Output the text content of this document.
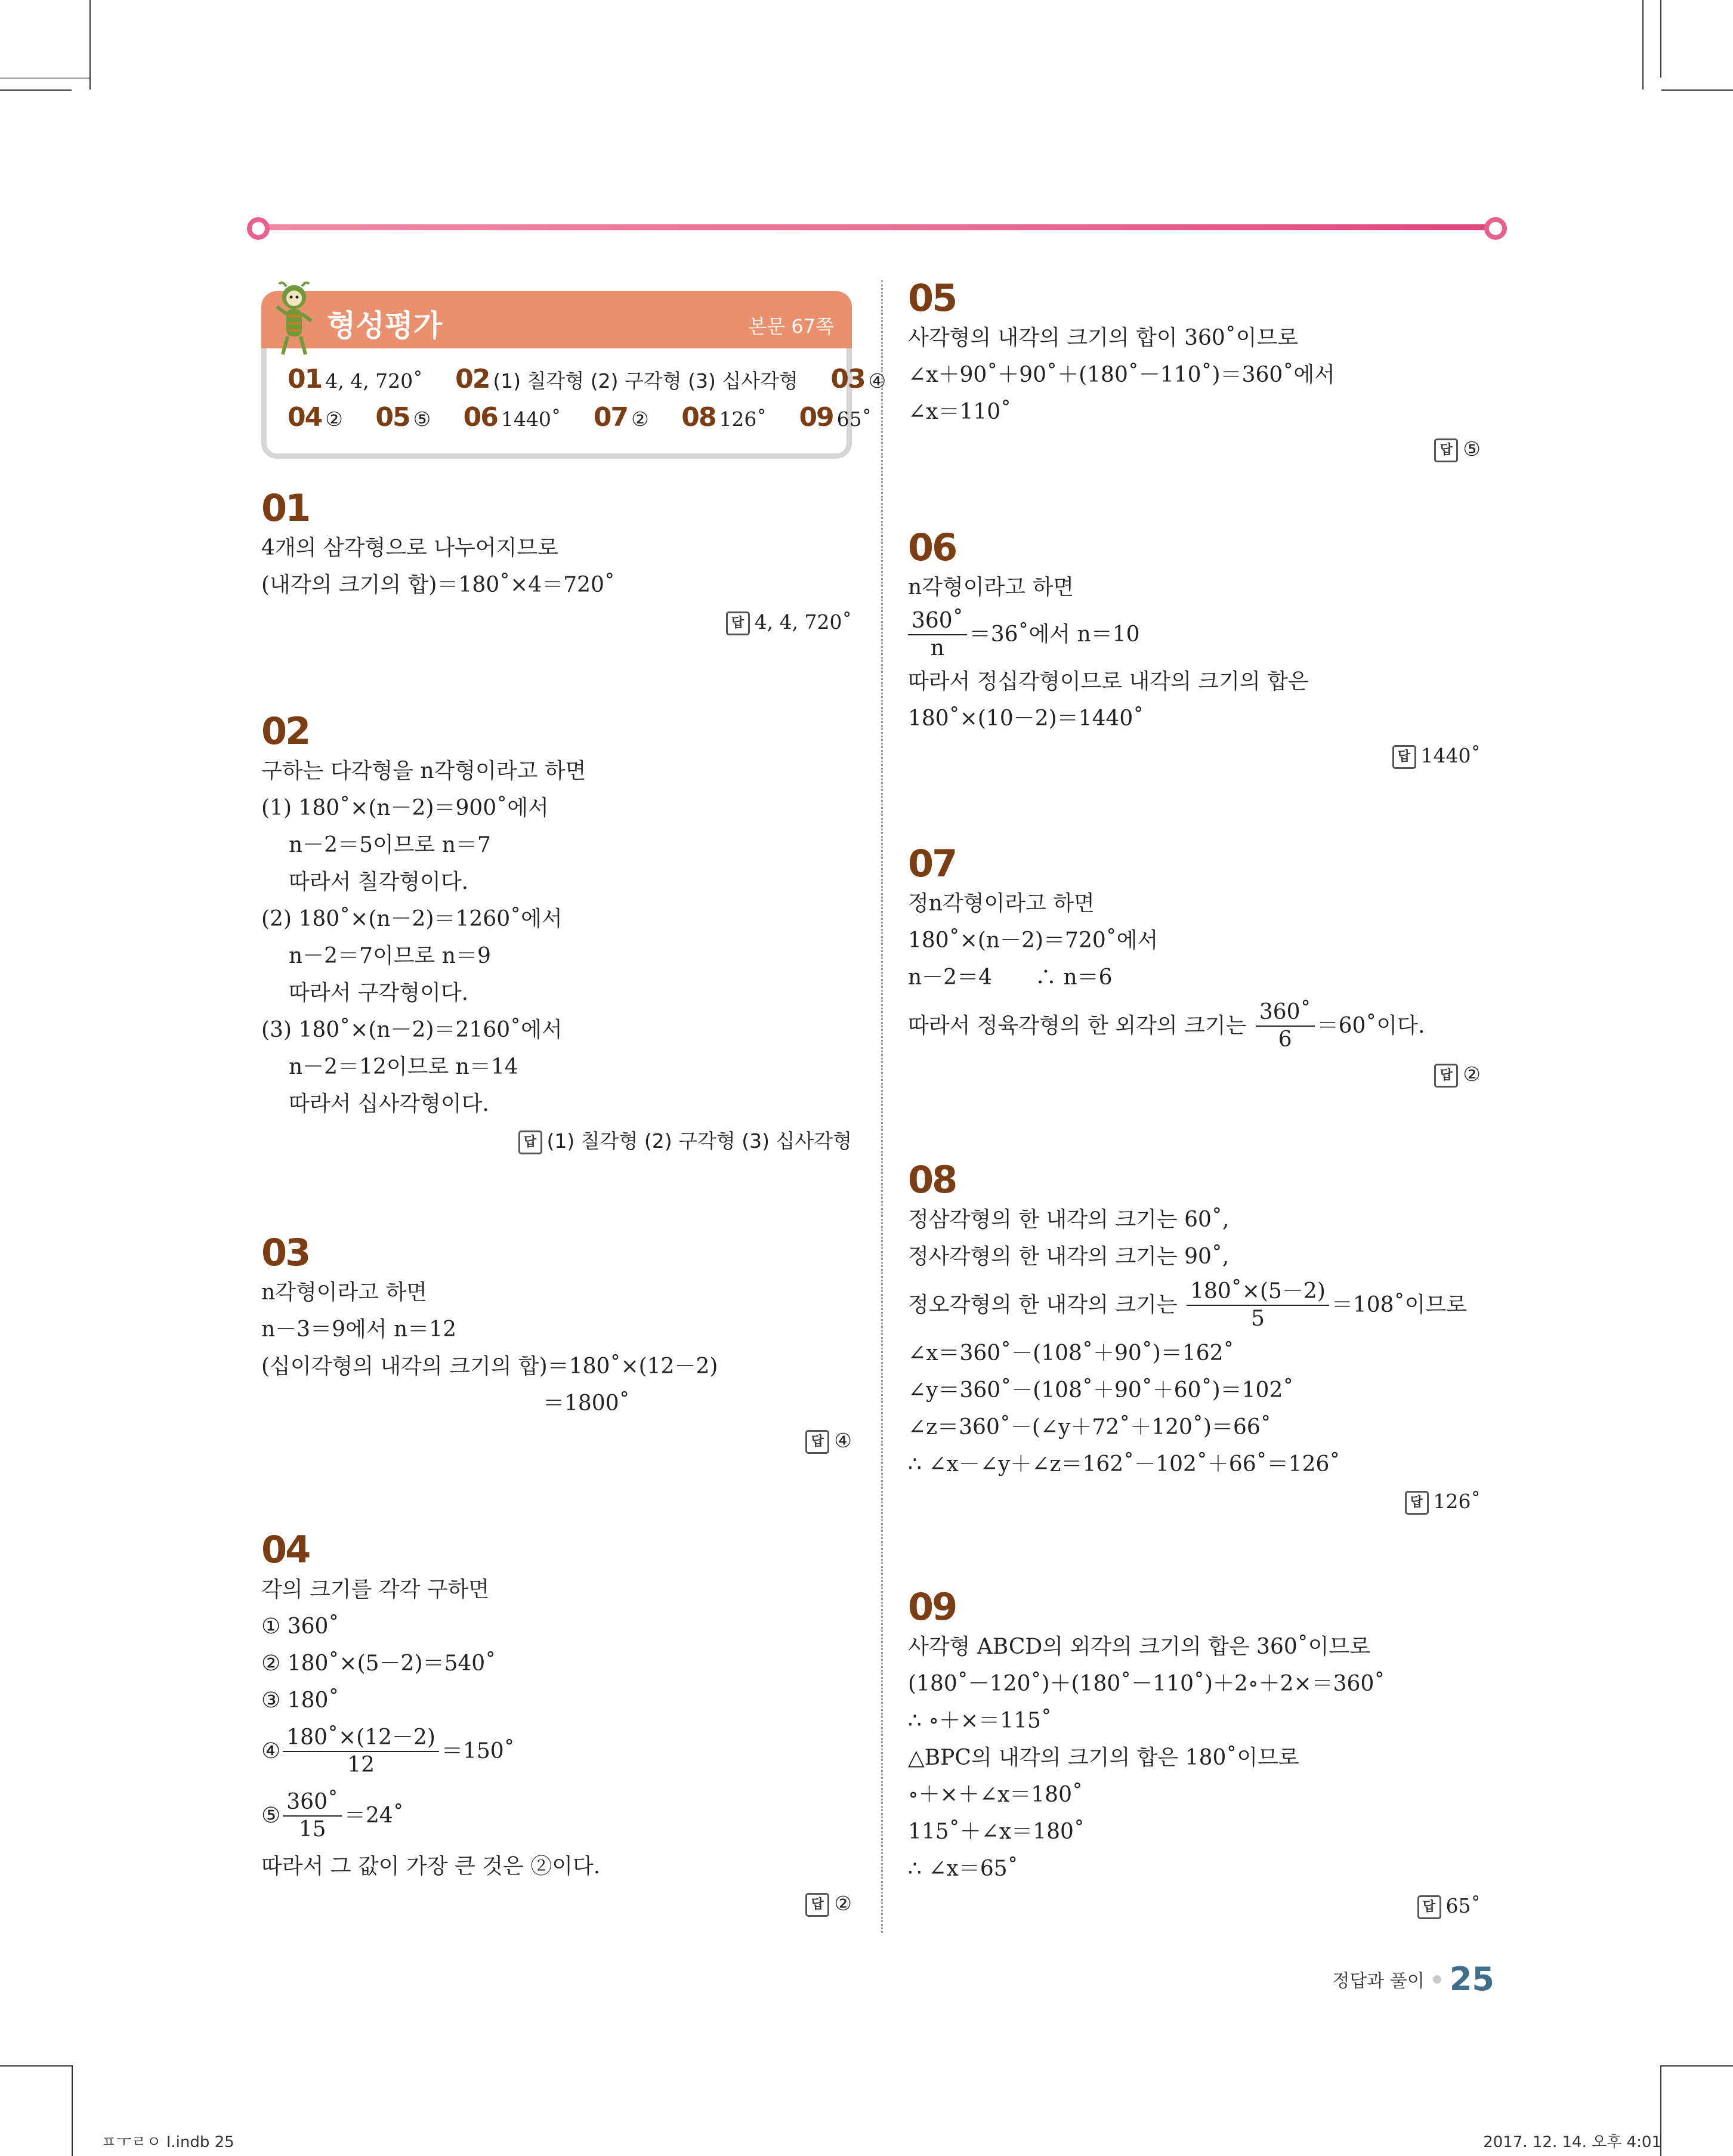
형성평가	본문 67쪽
01 4, 4, 720˚ 02 (1) 칠각형 (2) 구각형 (3) 십사각형 03 ④
04 ② 05 ⑤ 06 1440˚ 07 ② 08 126˚ 09 65˚
01
4개의 삼각형으로 나누어지므로
(내각의 크기의 합)＝180˚×4＝720˚
답 4, 4, 720˚
02
구하는 다각형을 n각형이라고 하면
(1) 180˚×(n－2)＝900˚에서
n－2＝5이므로 n＝7
따라서 칠각형이다.
(2) 180˚×(n－2)＝1260˚에서
n－2＝7이므로 n＝9
따라서 구각형이다.
(3) 180˚×(n－2)＝2160˚에서
n－2＝12이므로 n＝14
따라서 십사각형이다.
답 (1) 칠각형 (2) 구각형 (3) 십사각형
03
n각형이라고 하면
n－3＝9에서 n＝12
(십이각형의 내각의 크기의 합)＝180˚×(12－2)
＝1800˚
답 ④
04
각의 크기를 각각 구하면
① 360˚
② 180˚×(5－2)＝540˚
③ 180˚
④ $\frac{180˚\times(12-2)}{12}$ ＝150˚
⑤ $\frac{360˚}{15}$ ＝24˚
따라서 그 값이 가장 큰 것은 ②이다.
답 ②
05
사각형의 내각의 크기의 합이 360˚이므로
∠x＋90˚＋90˚＋(180˚－110˚)＝360˚에서
∠x＝110˚
답 ⑤
06
n각형이라고 하면
$\frac{360˚}{n}$ ＝36˚에서 n＝10
따라서 정십각형이므로 내각의 크기의 합은
180˚×(10－2)＝1440˚
답 1440˚
07
정n각형이라고 하면
180˚×(n－2)＝720˚에서
n－2＝4　　∴ n＝6
따라서 정육각형의 한 외각의 크기는 $\frac{360˚}{6}$ ＝60˚이다.
답 ②
08
정삼각형의 한 내각의 크기는 60˚,
정사각형의 한 내각의 크기는 90˚,
정오각형의 한 내각의 크기는 $\frac{180˚\times(5-2)}{5}$ ＝108˚이므로
∠x＝360˚－(108˚＋90˚)＝162˚
∠y＝360˚－(108˚＋90˚＋60˚)＝102˚
∠z＝360˚－(∠y＋72˚＋120˚)＝66˚
∴ ∠x－∠y＋∠z＝162˚－102˚＋66˚＝126˚
답 126˚
09
사각형 ABCD의 외각의 크기의 합은 360˚이므로
(180˚－120˚)＋(180˚－110˚)＋2∘＋2×＝360˚
∴ ∘＋×＝115˚
△BPC의 내각의 크기의 합은 180˚이므로
∘＋×＋∠x＝180˚
115˚＋∠x＝180˚
∴ ∠x＝65˚
답 65˚
정답과 풀이 25
ㅍㅜㄹㅇ Ⅰ.indb 25	2017. 12. 14. 오후 4:01
